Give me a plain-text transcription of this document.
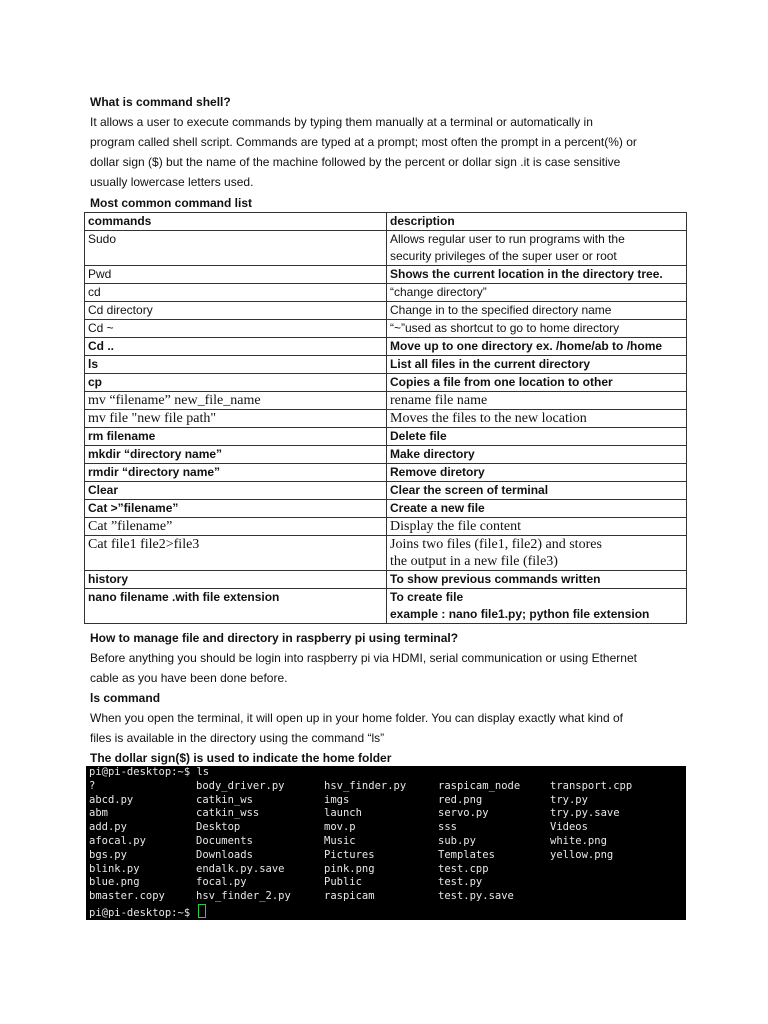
What is command shell?
It allows a user to execute commands by typing them manually at a terminal or automatically in
program called shell script. Commands are typed at a prompt; most often the prompt in a percent(%) or
dollar sign ($) but the name of the machine followed by the percent or dollar sign .it is case sensitive
usually lowercase letters used.
Most common command list
commands	description
Sudo	Allows regular user to run programs with the
security privileges of the super user or root

Pwd	Shows the current location in the directory tree.
cd	“change directory”
Cd directory	Change in to the specified directory name
Cd ~	“~”used as shortcut to go to home directory
Cd ..	Move up to one directory ex. /home/ab to /home
ls	List all files in the current directory
cp	Copies a file from one location to other
mv “filename” new_file_name	rename file name
mv file "new file path"	Moves the files to the new location
rm filename	Delete file
mkdir “directory name”	Make directory
rmdir “directory name”	Remove diretory
Clear	Clear the screen of terminal
Cat >”filename”	Create a new file
Cat ”filename”	Display the file content
Cat file1 file2>file3	Joins two files (file1, file2) and stores
the output in a new file (file3)

history	To show previous commands written
nano filename .with file extension	To create file
example : nano file1.py; python file extension
How to manage file and directory in raspberry pi using terminal?
Before anything you should be login into raspberry pi via HDMI, serial communication or using Ethernet
cable as you have been done before.
ls command
When you open the terminal, it will open up in your home folder. You can display exactly what kind of
files is available in the directory using the command “ls”
The dollar sign($) is used to indicate the home folder
pi@pi-desktop:~$ ls
?	body_driver.py	hsv_finder.py	raspicam_node	transport.cpp
abcd.py	catkin_ws	imgs	red.png	try.py
abm	catkin_wss	launch	servo.py	try.py.save
add.py	Desktop	mov.p	sss	Videos
afocal.py	Documents	Music	sub.py	white.png
bgs.py	Downloads	Pictures	Templates	yellow.png
blink.py	endalk.py.save	pink.png	test.cpp
blue.png	focal.py	Public	test.py
bmaster.copy	hsv_finder_2.py	raspicam	test.py.save
pi@pi-desktop:~$
